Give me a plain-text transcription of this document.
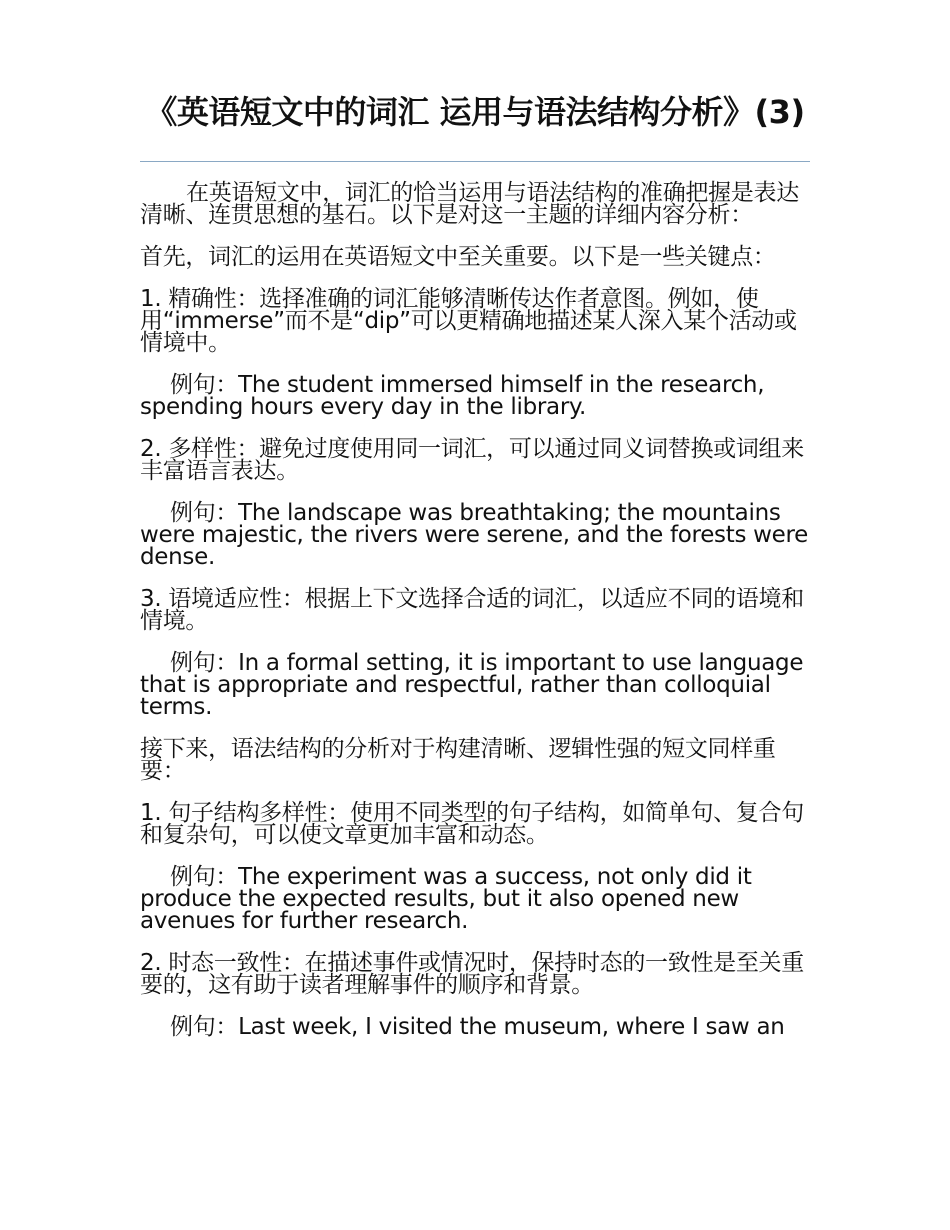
《英语短文中的词汇 运用与语法结构分析》(3)

在英语短文中，词汇的恰当运用与语法结构的准确把握是表达清晰、连贯思想的基石。以下是对这一主题的详细内容分析：

首先，词汇的运用在英语短文中至关重要。以下是一些关键点：

1. 精确性：选择准确的词汇能够清晰传达作者意图。例如，使用“immerse”而不是“dip”可以更精确地描述某人深入某个活动或情境中。

例句：The student immersed himself in the research, spending hours every day in the library.

2. 多样性：避免过度使用同一词汇，可以通过同义词替换或词组来丰富语言表达。

例句：The landscape was breathtaking; the mountains were majestic, the rivers were serene, and the forests were dense.

3. 语境适应性：根据上下文选择合适的词汇，以适应不同的语境和情境。

例句：In a formal setting, it is important to use language that is appropriate and respectful, rather than colloquial terms.

接下来，语法结构的分析对于构建清晰、逻辑性强的短文同样重要：

1. 句子结构多样性：使用不同类型的句子结构，如简单句、复合句和复杂句，可以使文章更加丰富和动态。

例句：The experiment was a success, not only did it produce the expected results, but it also opened new avenues for further research.

2. 时态一致性：在描述事件或情况时，保持时态的一致性是至关重要的，这有助于读者理解事件的顺序和背景。

例句：Last week, I visited the museum, where I saw an
